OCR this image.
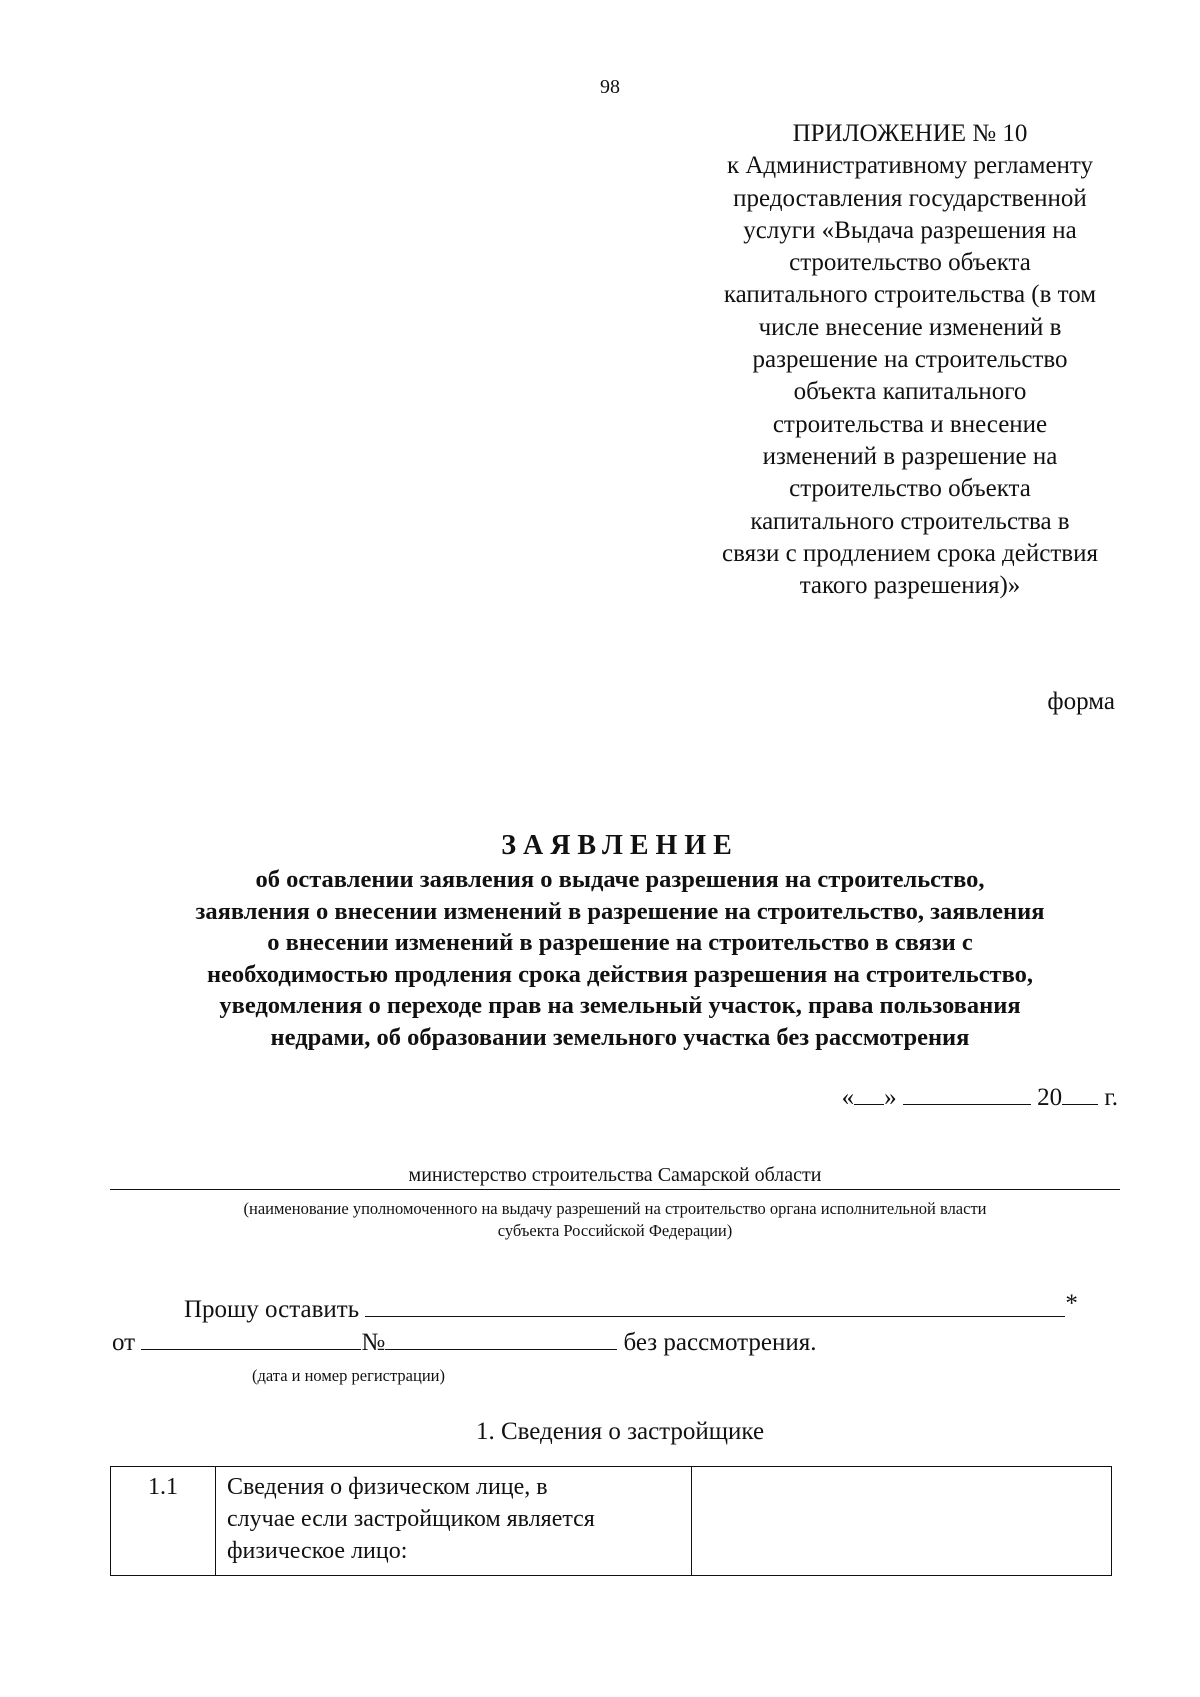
98
ПРИЛОЖЕНИЕ № 10
к Административному регламенту
предоставления государственной
услуги «Выдача разрешения на
строительство объекта
капитального строительства (в том
числе внесение изменений в
разрешение на строительство
объекта капитального
строительства и внесение
изменений в разрешение на
строительство объекта
капитального строительства в
связи с продлением срока действия
такого разрешения)»
форма
ЗАЯВЛЕНИЕ
об оставлении заявления о выдаче разрешения на строительство,
заявления о внесении изменений в разрешение на строительство, заявления
о внесении изменений в разрешение на строительство в связи с
необходимостью продления срока действия разрешения на строительство,
уведомления о переходе прав на земельный участок, права пользования
недрами, об образовании земельного участка без рассмотрения
« »	20 г.
министерство строительства Самарской области
(наименование уполномоченного на выдачу разрешений на строительство органа исполнительной власти
субъекта Российской Федерации)
Прошу оставить	*
от	№	без рассмотрения.
(дата и номер регистрации)
1. Сведения о застройщике
1.1	Сведения о физическом лице, в
случае если застройщиком является
физическое лицо:
